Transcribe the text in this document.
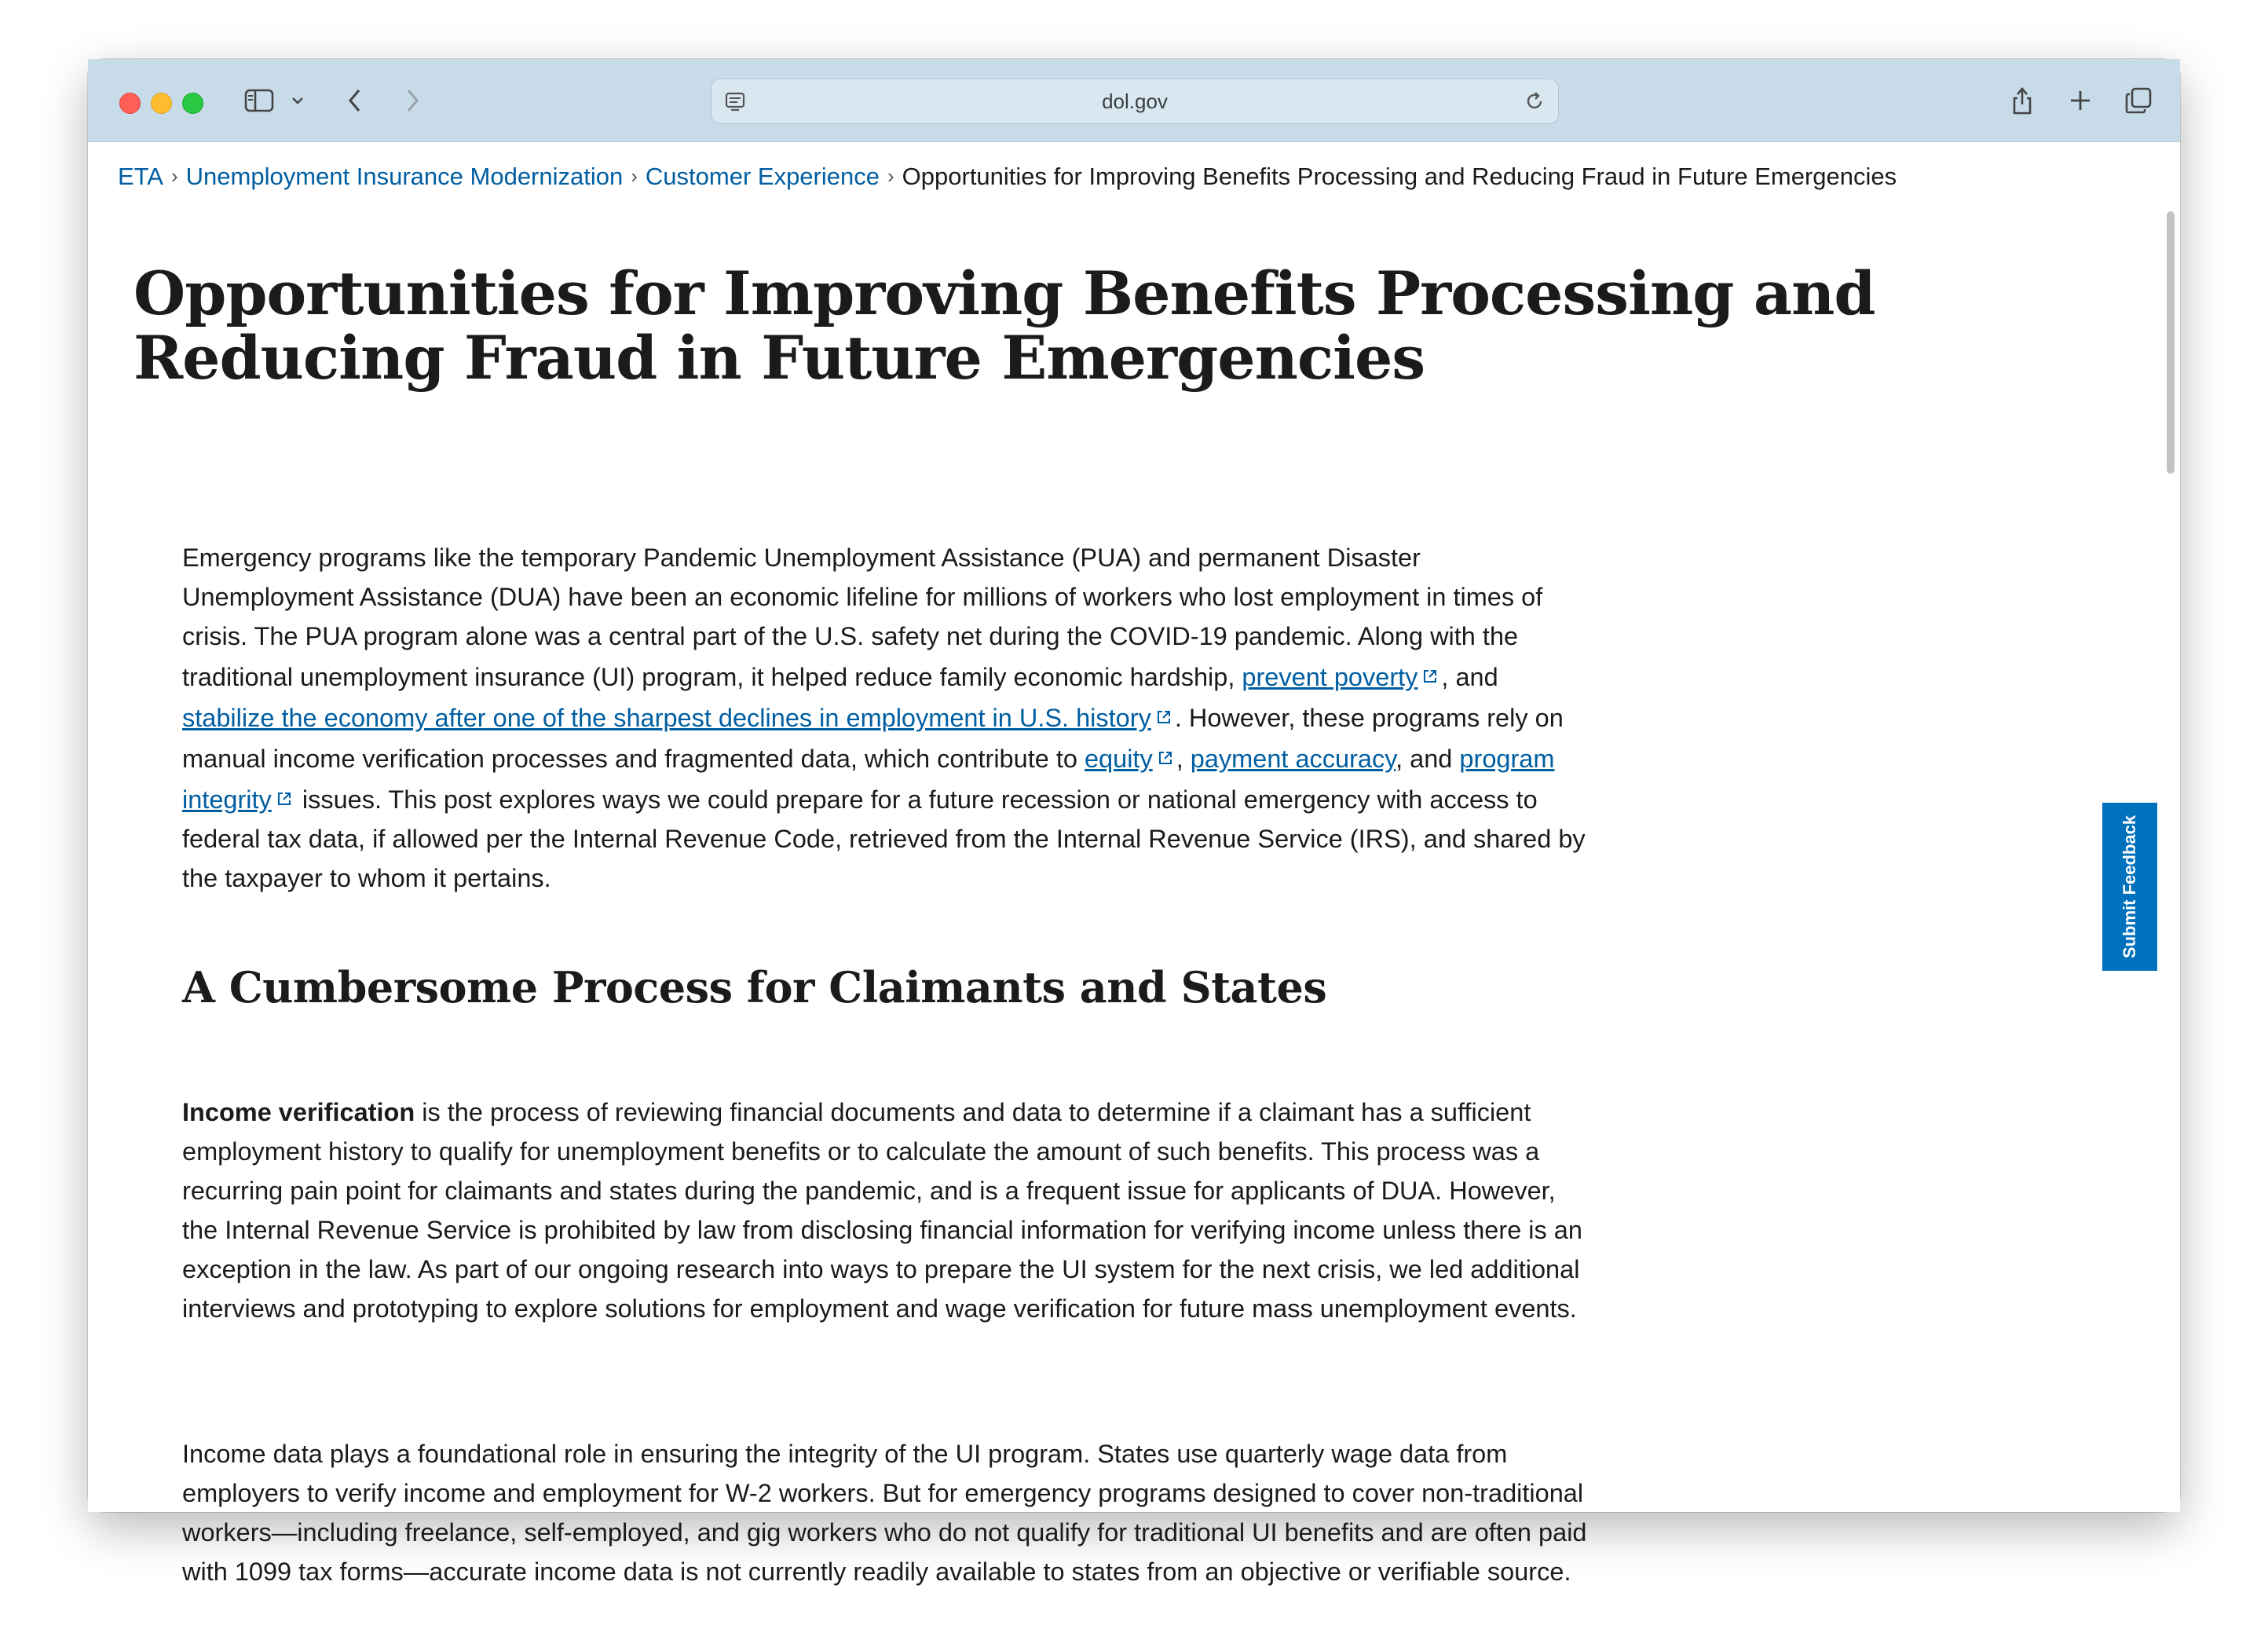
dol.gov
ETA › Unemployment Insurance Modernization › Customer Experience › Opportunities for Improving Benefits Processing and Reducing Fraud in Future Emergencies
Opportunities for Improving Benefits Processing and Reducing Fraud in Future Emergencies

Emergency programs like the temporary Pandemic Unemployment Assistance (PUA) and permanent Disaster Unemployment Assistance (DUA) have been an economic lifeline for millions of workers who lost employment in times of crisis. The PUA program alone was a central part of the U.S. safety net during the COVID-19 pandemic. Along with the traditional unemployment insurance (UI) program, it helped reduce family economic hardship, prevent poverty , and stabilize the economy after one of the sharpest declines in employment in U.S. history . However, these programs rely on manual income verification processes and fragmented data, which contribute to equity , payment accuracy, and program integrity issues. This post explores ways we could prepare for a future recession or national emergency with access to federal tax data, if allowed per the Internal Revenue Code, retrieved from the Internal Revenue Service (IRS), and shared by the taxpayer to whom it pertains.

A Cumbersome Process for Claimants and States

Income verification is the process of reviewing financial documents and data to determine if a claimant has a sufficient employment history to qualify for unemployment benefits or to calculate the amount of such benefits. This process was a recurring pain point for claimants and states during the pandemic, and is a frequent issue for applicants of DUA. However, the Internal Revenue Service is prohibited by law from disclosing financial information for verifying income unless there is an exception in the law. As part of our ongoing research into ways to prepare the UI system for the next crisis, we led additional interviews and prototyping to explore solutions for employment and wage verification for future mass unemployment events.

Income data plays a foundational role in ensuring the integrity of the UI program. States use quarterly wage data from employers to verify income and employment for W-2 workers. But for emergency programs designed to cover non-traditional workers—including freelance, self-employed, and gig workers who do not qualify for traditional UI benefits and are often paid with 1099 tax forms—accurate income data is not currently readily available to states from an objective or verifiable source.

Submit Feedback
